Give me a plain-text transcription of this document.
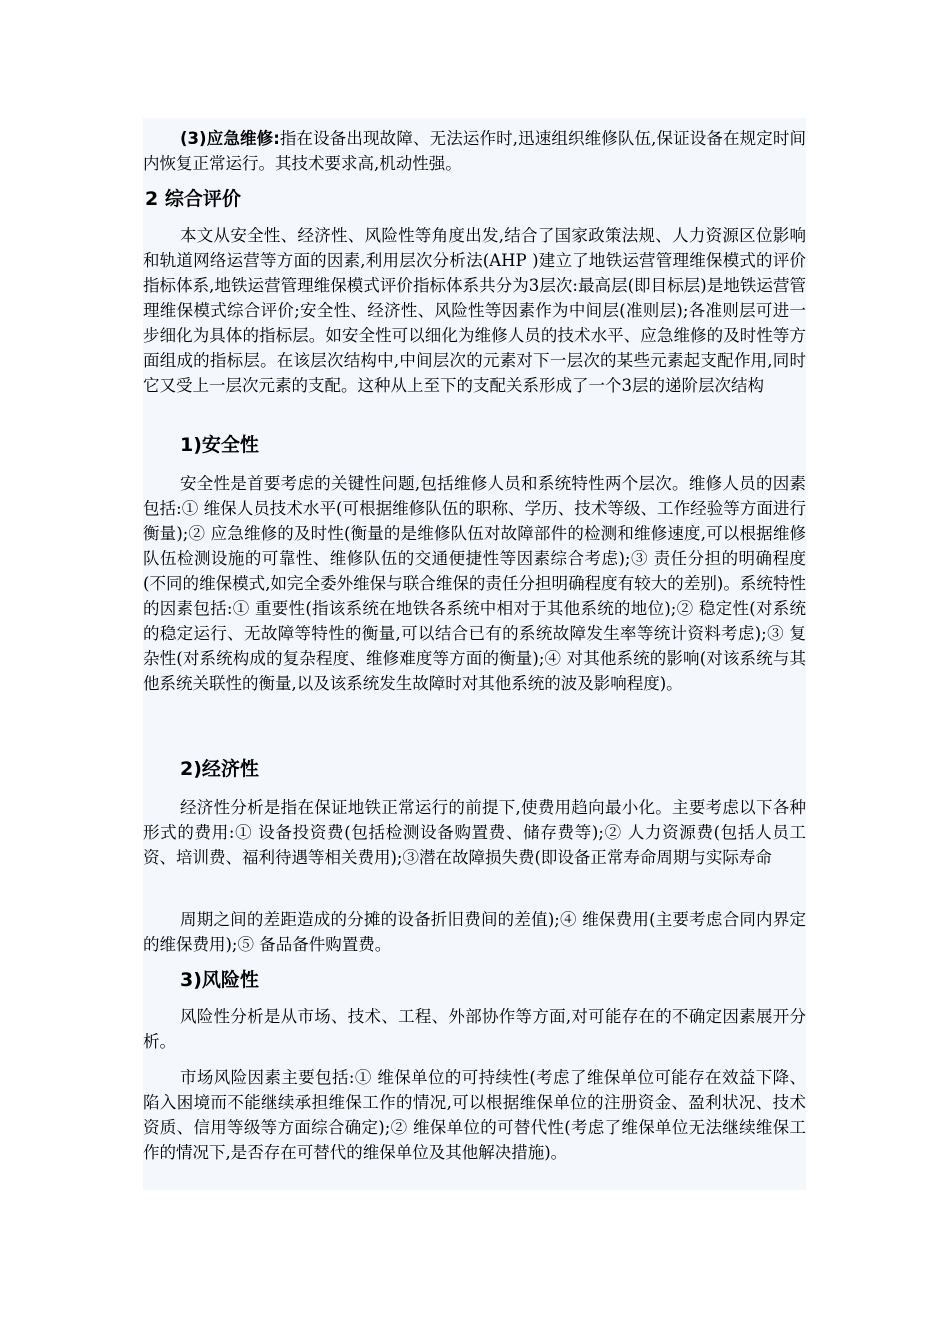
(3)应急维修:指在设备出现故障、无法运作时,迅速组织维修队伍,保证设备在规定时间内恢复正常运行。其技术要求高,机动性强。
2 综合评价
本文从安全性、经济性、风险性等角度出发,结合了国家政策法规、人力资源区位影响和轨道网络运营等方面的因素,利用层次分析法(AHP )建立了地铁运营管理维保模式的评价指标体系,地铁运营管理维保模式评价指标体系共分为3层次:最高层(即目标层)是地铁运营管理维保模式综合评价;安全性、经济性、风险性等因素作为中间层(准则层);各准则层可进一步细化为具体的指标层。如安全性可以细化为维修人员的技术水平、应急维修的及时性等方面组成的指标层。在该层次结构中,中间层次的元素对下一层次的某些元素起支配作用,同时它又受上一层次元素的支配。这种从上至下的支配关系形成了一个3层的递阶层次结构
1)安全性
安全性是首要考虑的关键性问题,包括维修人员和系统特性两个层次。维修人员的因素包括:① 维保人员技术水平(可根据维修队伍的职称、学历、技术等级、工作经验等方面进行衡量);② 应急维修的及时性(衡量的是维修队伍对故障部件的检测和维修速度,可以根据维修队伍检测设施的可靠性、维修队伍的交通便捷性等因素综合考虑);③ 责任分担的明确程度(不同的维保模式,如完全委外维保与联合维保的责任分担明确程度有较大的差别)。系统特性的因素包括:① 重要性(指该系统在地铁各系统中相对于其他系统的地位);② 稳定性(对系统的稳定运行、无故障等特性的衡量,可以结合已有的系统故障发生率等统计资料考虑);③ 复杂性(对系统构成的复杂程度、维修难度等方面的衡量);④ 对其他系统的影响(对该系统与其他系统关联性的衡量,以及该系统发生故障时对其他系统的波及影响程度)。
2)经济性
经济性分析是指在保证地铁正常运行的前提下,使费用趋向最小化。主要考虑以下各种形式的费用:① 设备投资费(包括检测设备购置费、储存费等);② 人力资源费(包括人员工资、培训费、福利待遇等相关费用);③潜在故障损失费(即设备正常寿命周期与实际寿命
周期之间的差距造成的分摊的设备折旧费间的差值);④ 维保费用(主要考虑合同内界定的维保费用);⑤ 备品备件购置费。
3)风险性
风险性分析是从市场、技术、工程、外部协作等方面,对可能存在的不确定因素展开分析。
市场风险因素主要包括:① 维保单位的可持续性(考虑了维保单位可能存在效益下降、陷入困境而不能继续承担维保工作的情况,可以根据维保单位的注册资金、盈利状况、技术资质、信用等级等方面综合确定);② 维保单位的可替代性(考虑了维保单位无法继续维保工作的情况下,是否存在可替代的维保单位及其他解决措施)。
